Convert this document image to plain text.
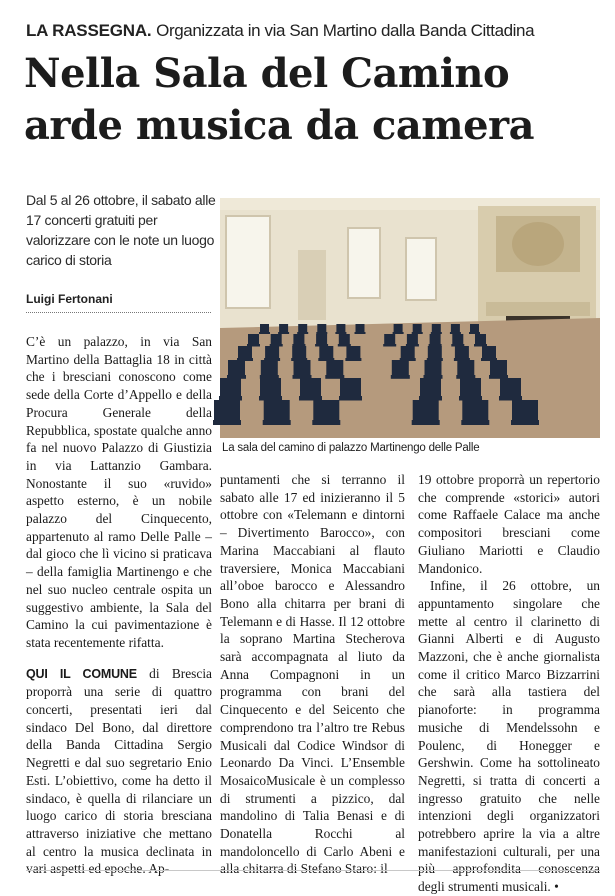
LA RASSEGNA. Organizzata in via San Martino dalla Banda Cittadina
Nella Sala del Camino
arde musica da camera

Dal 5 al 26 ottobre, il sabato alle 17 concerti gratuiti per valorizzare con le note un luogo carico di storia

Luigi Fertonani
La sala del camino di palazzo Martinengo delle Palle

C’è un palazzo, in via San Martino della Battaglia 18 in città che i bresciani conoscono come sede della Corte d’Appello e della Procura Generale della Repubblica, spostate qualche anno fa nel nuovo Palazzo di Giustizia in via Lattanzio Gambara. Nonostante il suo «ruvido» aspetto esterno, è un nobile palazzo del Cinquecento, appartenuto al ramo Delle Palle – dal gioco che lì vicino si praticava – della famiglia Martinengo e che nel suo nucleo centrale ospita un suggestivo ambiente, la Sala del Camino la cui pavimentazione è stata recentemente rifatta.

QUI IL COMUNE di Brescia proporrà una serie di quattro concerti, presentati ieri dal sindaco Del Bono, dal direttore della Banda Cittadina Sergio Negretti e dal suo segretario Enio Esti. L’obiettivo, come ha detto il sindaco, è quella di rilanciare un luogo carico di storia bresciana attraverso iniziative che mettano al centro la musica declinata in vari aspetti ed epoche. Ap-

puntamenti che si terranno il sabato alle 17 ed inizieranno il 5 ottobre con «Telemann e dintorni – Divertimento Barocco», con Marina Maccabiani al flauto traversiere, Monica Maccabiani all’oboe barocco e Alessandro Bono alla chitarra per brani di Telemann e di Hasse. Il 12 ottobre la soprano Martina Stecherova sarà accompagnata al liuto da Anna Compagnoni in un programma con brani del Cinquecento e del Seicento che comprendono tra l’altro tre Rebus Musicali dal Codice Windsor di Leonardo Da Vinci. L’Ensemble MosaicoMusicale è un complesso di strumenti a pizzico, dal mandolino di Talia Benasi e di Donatella Rocchi al mandoloncello di Carlo Abeni e alla chitarra di Stefano Staro: il

19 ottobre proporrà un repertorio che comprende «storici» autori come Raffaele Calace ma anche compositori bresciani come Giuliano Mariotti e Claudio Mandonico.

Infine, il 26 ottobre, un appuntamento singolare che mette al centro il clarinetto di Gianni Alberti e di Augusto Mazzoni, che è anche giornalista come il critico Marco Bizzarrini che sarà alla tastiera del pianoforte: in programma musiche di Mendelssohn e Poulenc, di Honegger e Gershwin. Come ha sottolineato Negretti, si tratta di concerti a ingresso gratuito che nelle intenzioni degli organizzatori potrebbero aprire la via a altre manifestazioni culturali, per una più approfondita conoscenza degli strumenti musicali. •
